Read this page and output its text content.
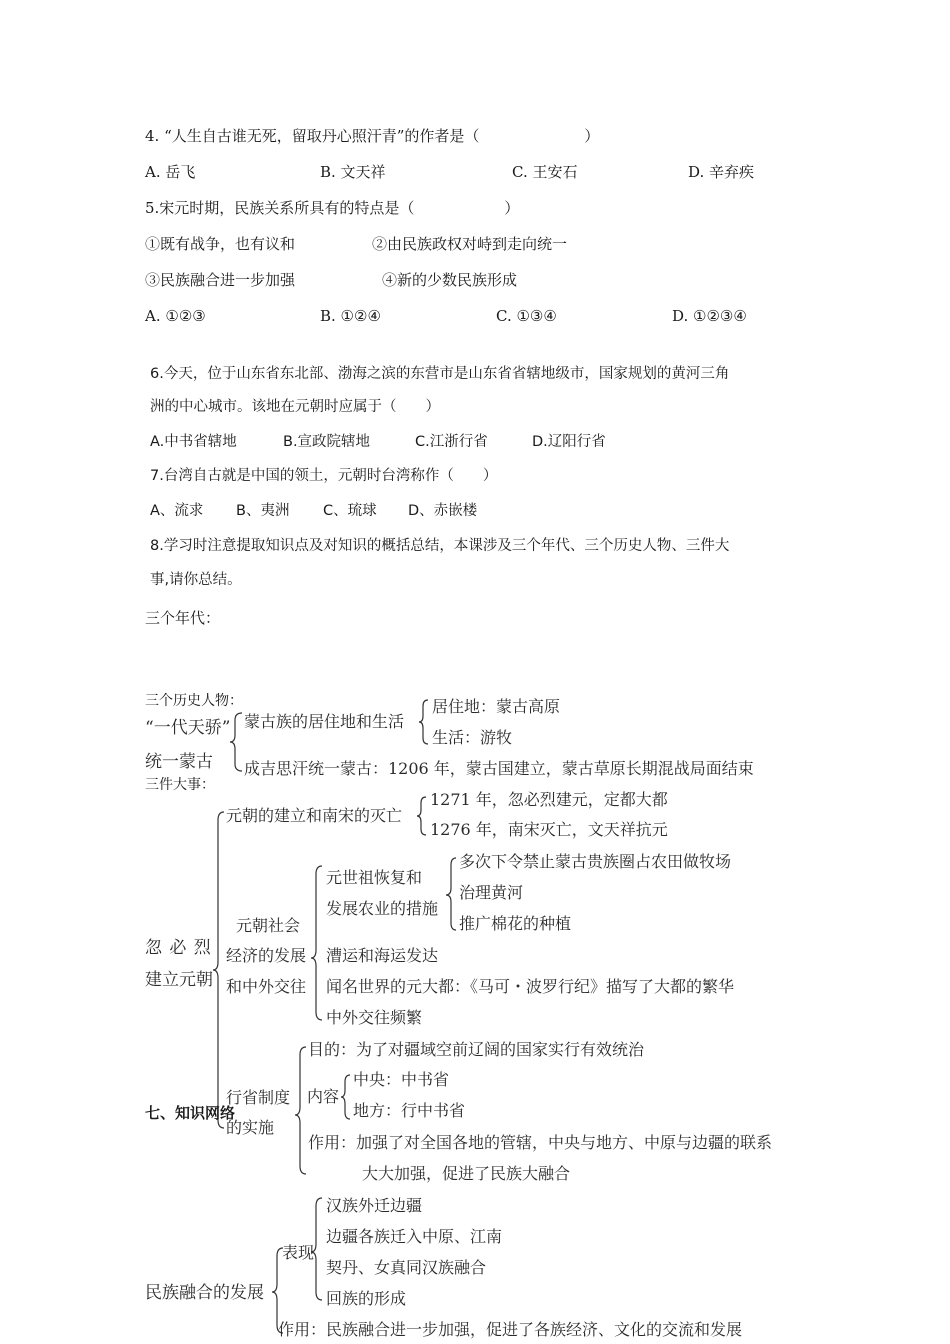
4. “人生自古谁无死，留取丹心照汗青”的作者是（　　　　　　　）
A. 岳飞	B. 文天祥	C. 王安石	D. 辛弃疾
5.宋元时期，民族关系所具有的特点是（　　　　　　）
①既有战争，也有议和	②由民族政权对峙到走向统一
③民族融合进一步加强	④新的少数民族形成
A. ①②③	B. ①②④	C. ①③④	D. ①②③④
6.今天，位于山东省东北部、渤海之滨的东营市是山东省省辖地级市，国家规划的黄河三角
洲的中心城市。该地在元朝时应属于（　　）
A.中书省辖地	B.宣政院辖地	C.江浙行省	D.辽阳行省
7.台湾自古就是中国的领土，元朝时台湾称作（　　）
A、流求 B、夷洲 C、琉球 D、赤嵌楼
8.学习时注意提取知识点及对知识的概括总结，本课涉及三个年代、三个历史人物、三件大
事,请你总结。
三个年代：
三个历史人物：
三件大事：
“一代天骄”
统一蒙古
蒙古族的居住地和生活
居住地：蒙古高原
生活：游牧
成吉思汗统一蒙古：1206 年，蒙古国建立，蒙古草原长期混战局面结束
忽 必 烈
建立元朝
元朝的建立和南宋的灭亡
1271 年，忽必烈建元，定都大都
1276 年，南宋灭亡，文天祥抗元
元朝社会
经济的发展
和中外交往
元世祖恢复和
发展农业的措施
多次下令禁止蒙古贵族圈占农田做牧场
治理黄河
推广棉花的种植
漕运和海运发达
闻名世界的元大都：《马可・波罗行纪》描写了大都的繁华
中外交往频繁
行省制度
的实施
目的：为了对疆域空前辽阔的国家实行有效统治
内容
中央：中书省
地方：行中书省
作用：加强了对全国各地的管辖，中央与地方、中原与边疆的联系
大大加强，促进了民族大融合
七、知识网络
民族融合的发展
表现
汉族外迁边疆
边疆各族迁入中原、江南
契丹、女真同汉族融合
回族的形成
作用：民族融合进一步加强，促进了各族经济、文化的交流和发展
